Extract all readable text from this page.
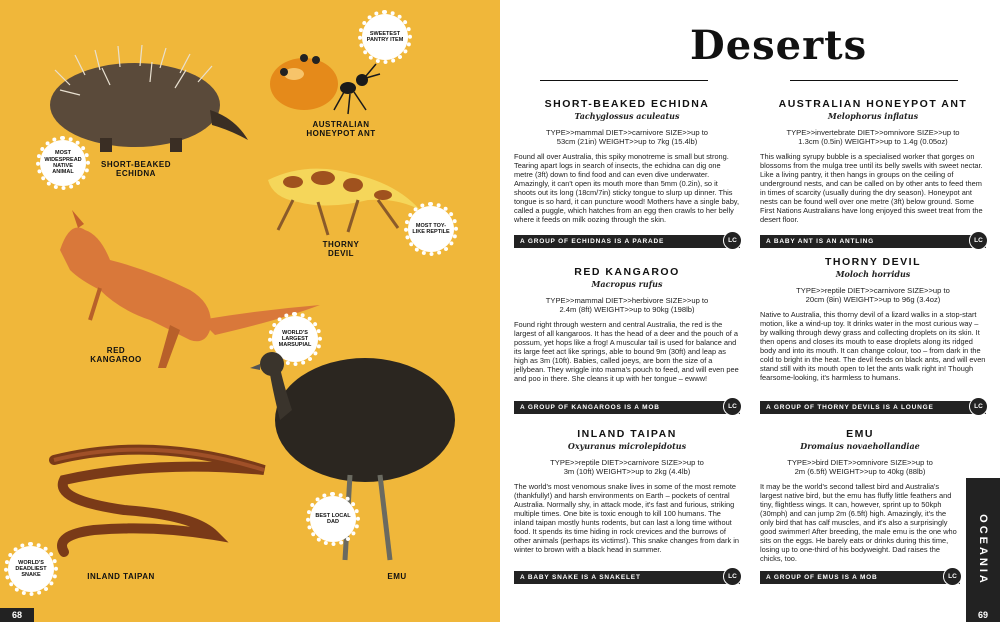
MOST WIDESPREAD NATIVE ANIMAL
SHORT-BEAKED ECHIDNA
SWEETEST PANTRY ITEM
AUSTRALIAN HONEYPOT ANT
MOST TOY-LIKE REPTILE
THORNY DEVIL
WORLD'S LARGEST MARSUPIAL
RED KANGAROO
BEST LOCAL DAD
EMU
WORLD'S DEADLIEST SNAKE	INLAND TAIPAN
68
Deserts
SHORT-BEAKED ECHIDNA
Tachyglossus aculeatus
TYPE>>mammal DIET>>carnivore SIZE>>up to
53cm (21in) WEIGHT>>up to 7kg (15.4lb)
Found all over Australia, this spiky monotreme is small but strong. Tearing apart logs in search of insects, the echidna can dig one metre (3ft) down to find food and can even dive underwater. Amazingly, it can't open its mouth more than 5mm (0.2in), so it shoots out its long (18cm/7in) sticky tongue to slurp up dinner. This tongue is so hard, it can puncture wood! Mothers have a single baby, called a puggle, which hatches from an egg then crawls to her belly where it feeds on milk oozing through the skin.
A GROUP OF ECHIDNAS IS A PARADE	LC
AUSTRALIAN HONEYPOT ANT
Melophorus inflatus
TYPE>>invertebrate DIET>>omnivore SIZE>>up to
1.3cm (0.5in) WEIGHT>>up to 1.4g (0.05oz)
This walking syrupy bubble is a specialised worker that gorges on blossoms from the mulga tree until its belly swells with sweet nectar. Like a living pantry, it then hangs in groups on the ceiling of underground nests, and can be called on by other ants to feed them in times of scarcity (usually during the dry season). Honeypot ant nests can be found well over one metre (3ft) below ground. Some First Nations Australians have long enjoyed this sweet treat from the desert floor.
A BABY ANT IS AN ANTLING	LC
RED KANGAROO
Macropus rufus
TYPE>>mammal DIET>>herbivore SIZE>>up to
2.4m (8ft) WEIGHT>>up to 90kg (198lb)
Found right through western and central Australia, the red is the largest of all kangaroos. It has the head of a deer and the pouch of a possum, yet hops like a frog! A muscular tail is used for balance and its large feet act like springs, able to bound 9m (30ft) and leap as high as 3m (10ft). Babies, called joeys, are born the size of a jellybean. They wriggle into mama's pouch to feed, and will even pee and poo in there. She cleans it up with her tongue – ewww!
A GROUP OF KANGAROOS IS A MOB	LC
THORNY DEVIL
Moloch horridus
TYPE>>reptile DIET>>carnivore SIZE>>up to
20cm (8in) WEIGHT>>up to 96g (3.4oz)
Native to Australia, this thorny devil of a lizard walks in a stop-start motion, like a wind-up toy. It drinks water in the most curious way – by walking through dewy grass and collecting droplets on its skin. It then opens and closes its mouth to ease droplets along its ridged body and into its mouth. It can change colour, too – from dark in the cold to bright in the heat. The devil feeds on black ants, and will even stand still with its mouth open to let the ants walk right in! Though fearsome-looking, it's harmless to humans.
A GROUP OF THORNY DEVILS IS A LOUNGE	LC
INLAND TAIPAN
Oxyuranus microlepidotus
TYPE>>reptile DIET>>carnivore SIZE>>up to
3m (10ft) WEIGHT>>up to 2kg (4.4lb)
The world's most venomous snake lives in some of the most remote (thankfully!) and harsh environments on Earth – pockets of central Australia. Normally shy, in attack mode, it's fast and furious, striking multiple times. One bite is toxic enough to kill 100 humans. The inland taipan mostly hunts rodents, but can last a long time without food. It spends its time hiding in rock crevices and the burrows of other animals (perhaps its victims!). This snake changes from dark in winter to brown with a black head in summer.
A BABY SNAKE IS A SNAKELET	LC
EMU
Dromaius novaehollandiae
TYPE>>bird DIET>>omnivore SIZE>>up to
2m (6.5ft) WEIGHT>>up to 40kg (88lb)
It may be the world's second tallest bird and Australia's largest native bird, but the emu has fluffy little feathers and tiny, flightless wings. It can, however, sprint up to 50kph (30mph) and can jump 2m (6.5ft) high. Amazingly, it's the only bird that has calf muscles, and it's also a surprisingly good swimmer! After breeding, the male emu is the one who sits on the eggs. He barely eats or drinks during this time, losing up to one-third of his bodyweight. Dad raises the chicks, too.
A GROUP OF EMUS IS A MOB	LC	OCEANIA
69
